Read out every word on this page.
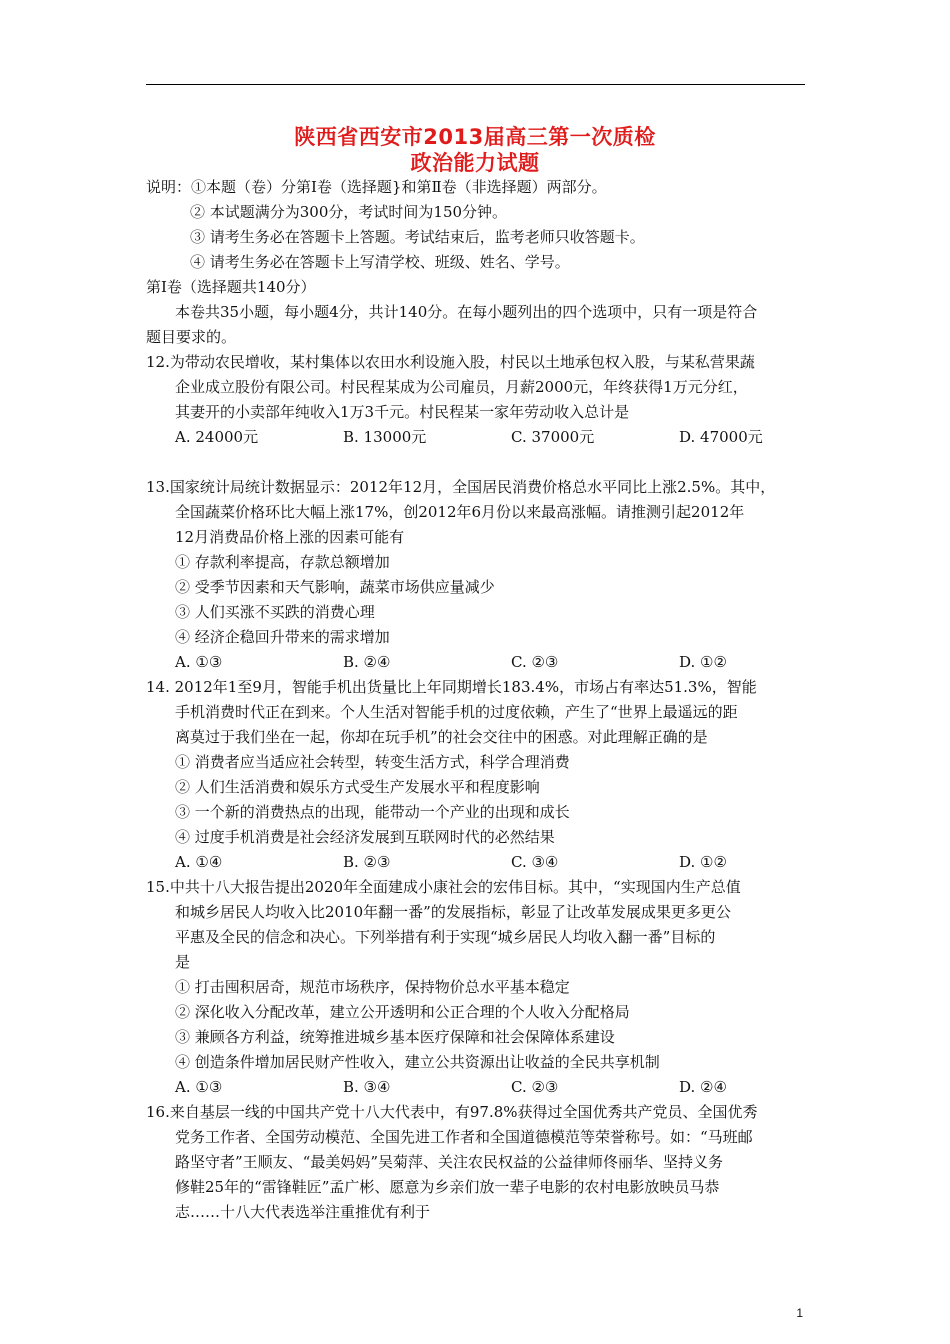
陕西省西安市2013届高三第一次质检
政治能力试题
说明：①本题（卷）分第Ⅰ卷（选择题}和第Ⅱ卷（非选择题）两部分。
② 本试题满分为300分，考试时间为150分钟。
③ 请考生务必在答题卡上答题。考试结束后，监考老师只收答题卡。
④ 请考生务必在答题卡上写清学校、班级、姓名、学号。
第Ⅰ卷（选择题共140分）
本卷共35小题，每小题4分，共计140分。在每小题列出的四个选项中，只有一项是符合
题目要求的。
12.为带动农民增收，某村集体以农田水利设施入股，村民以土地承包权入股，与某私营果蔬
企业成立股份有限公司。村民程某成为公司雇员，月薪2000元，年终获得1万元分红，
其妻开的小卖部年纯收入1万3千元。村民程某一家年劳动收入总计是
A. 24000元	B. 13000元	C. 37000元	D. 47000元
13.国家统计局统计数据显示：2012年12月，全国居民消费价格总水平同比上涨2.5%。其中，
全国蔬菜价格环比大幅上涨17%，创2012年6月份以来最高涨幅。请推测引起2012年
12月消费品价格上涨的因素可能有
① 存款利率提高，存款总额增加
② 受季节因素和天气影响，蔬菜市场供应量减少
③ 人们买涨不买跌的消费心理
④ 经济企稳回升带来的需求增加
A. ①③	B. ②④	C. ②③	D. ①②
14. 2012年1至9月，智能手机出货量比上年同期增长183.4%，市场占有率达51.3%，智能
手机消费时代正在到来。个人生活对智能手机的过度依赖，产生了“世界上最遥远的距
离莫过于我们坐在一起，你却在玩手机”的社会交往中的困惑。对此理解正确的是
① 消费者应当适应社会转型，转变生活方式，科学合理消费
② 人们生活消费和娱乐方式受生产发展水平和程度影响
③ 一个新的消费热点的出现，能带动一个产业的出现和成长
④ 过度手机消费是社会经济发展到互联网时代的必然结果
A. ①④	B. ②③	C. ③④	D. ①②
15.中共十八大报告提出2020年全面建成小康社会的宏伟目标。其中，“实现国内生产总值
和城乡居民人均收入比2010年翻一番”的发展指标，彰显了让改革发展成果更多更公
平惠及全民的信念和决心。下列举措有利于实现“城乡居民人均收入翻一番”目标的
是
① 打击囤积居奇，规范市场秩序，保持物价总水平基本稳定
② 深化收入分配改革，建立公开透明和公正合理的个人收入分配格局
③ 兼顾各方利益，统筹推进城乡基本医疗保障和社会保障体系建设
④ 创造条件增加居民财产性收入，建立公共资源出让收益的全民共享机制
A. ①③	B. ③④	C. ②③	D. ②④
16.来自基层一线的中国共产党十八大代表中，有97.8%获得过全国优秀共产党员、全国优秀
党务工作者、全国劳动模范、全国先进工作者和全国道德模范等荣誉称号。如：“马班邮
路坚守者”王顺友、“最美妈妈”吴菊萍、关注农民权益的公益律师佟丽华、坚持义务
修鞋25年的“雷锋鞋匠”孟广彬、愿意为乡亲们放一辈子电影的农村电影放映员马恭
志……十八大代表选举注重推优有利于
1
